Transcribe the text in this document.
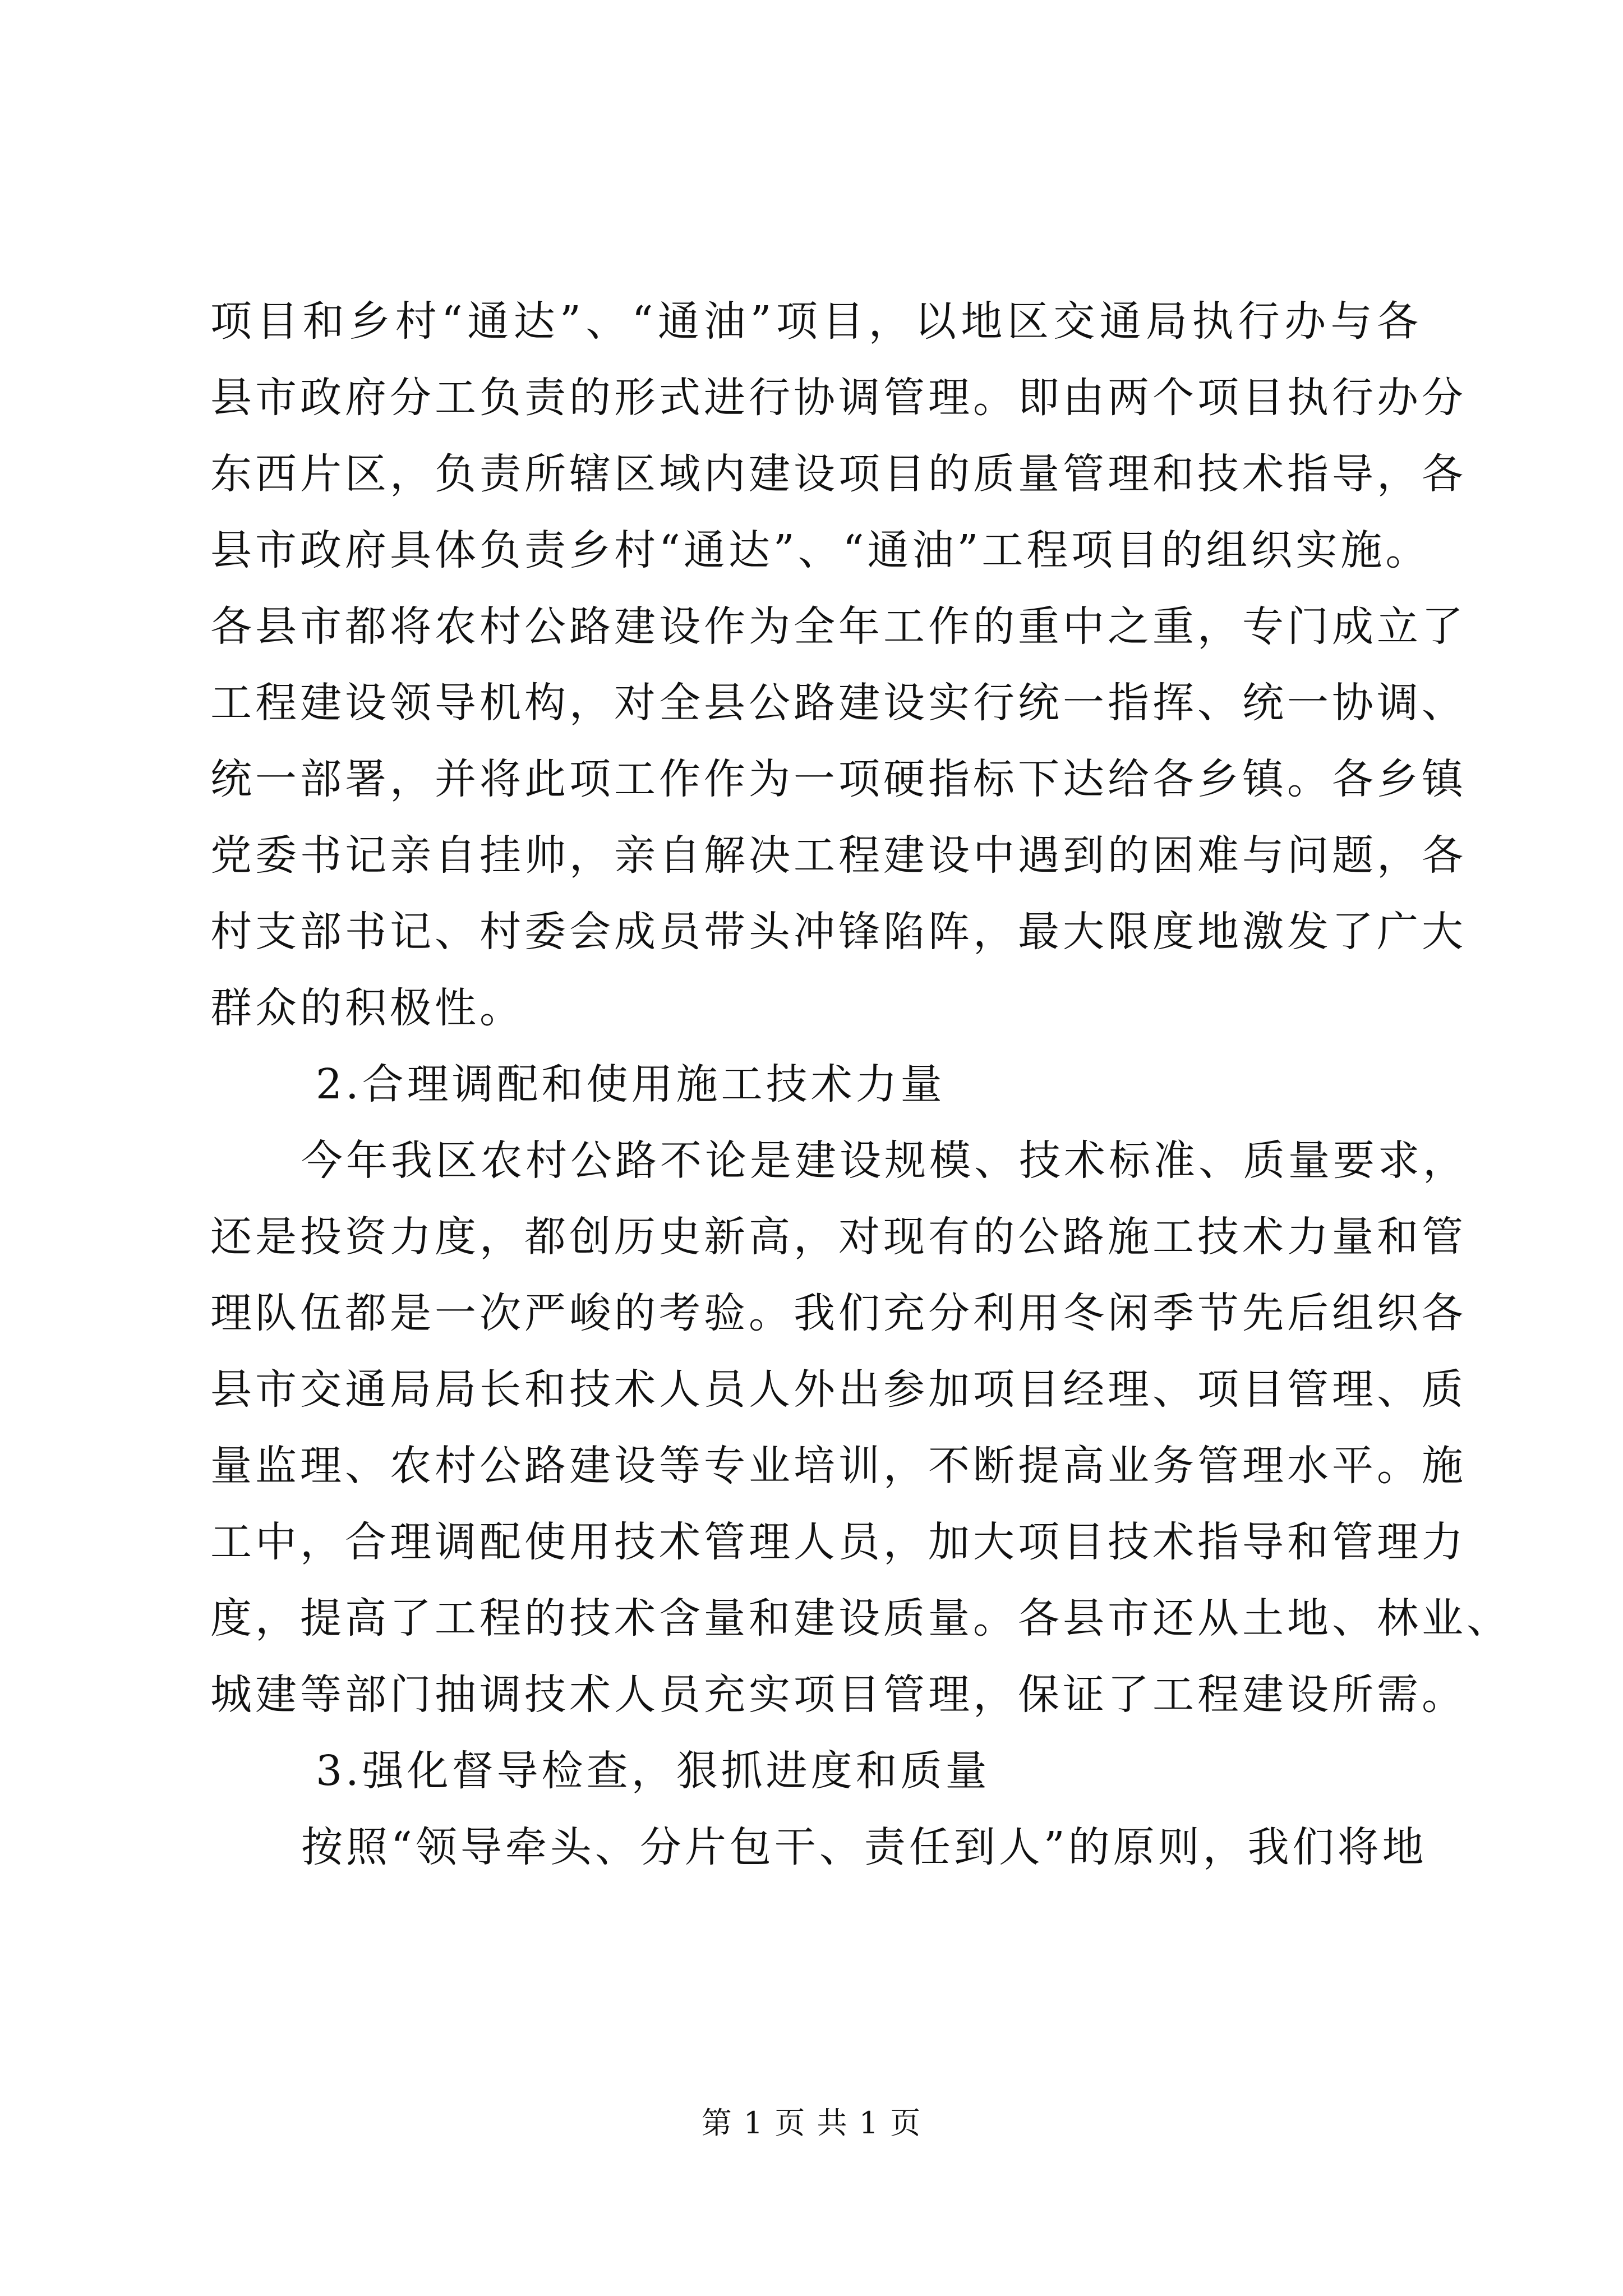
项目和乡村“通达”、“通油”项目，以地区交通局执行办与各
县市政府分工负责的形式进行协调管理。即由两个项目执行办分
东西片区，负责所辖区域内建设项目的质量管理和技术指导，各
县市政府具体负责乡村“通达”、“通油”工程项目的组织实施。
各县市都将农村公路建设作为全年工作的重中之重，专门成立了
工程建设领导机构，对全县公路建设实行统一指挥、统一协调、
统一部署，并将此项工作作为一项硬指标下达给各乡镇。各乡镇
党委书记亲自挂帅，亲自解决工程建设中遇到的困难与问题，各
村支部书记、村委会成员带头冲锋陷阵，最大限度地激发了广大
群众的积极性。
2.合理调配和使用施工技术力量
今年我区农村公路不论是建设规模、技术标准、质量要求，
还是投资力度，都创历史新高，对现有的公路施工技术力量和管
理队伍都是一次严峻的考验。我们充分利用冬闲季节先后组织各
县市交通局局长和技术人员人外出参加项目经理、项目管理、质
量监理、农村公路建设等专业培训，不断提高业务管理水平。施
工中，合理调配使用技术管理人员，加大项目技术指导和管理力
度，提高了工程的技术含量和建设质量。各县市还从土地、林业、
城建等部门抽调技术人员充实项目管理，保证了工程建设所需。
3.强化督导检查，狠抓进度和质量
按照“领导牵头、分片包干、责任到人”的原则，我们将地
第 1 页 共 1 页
